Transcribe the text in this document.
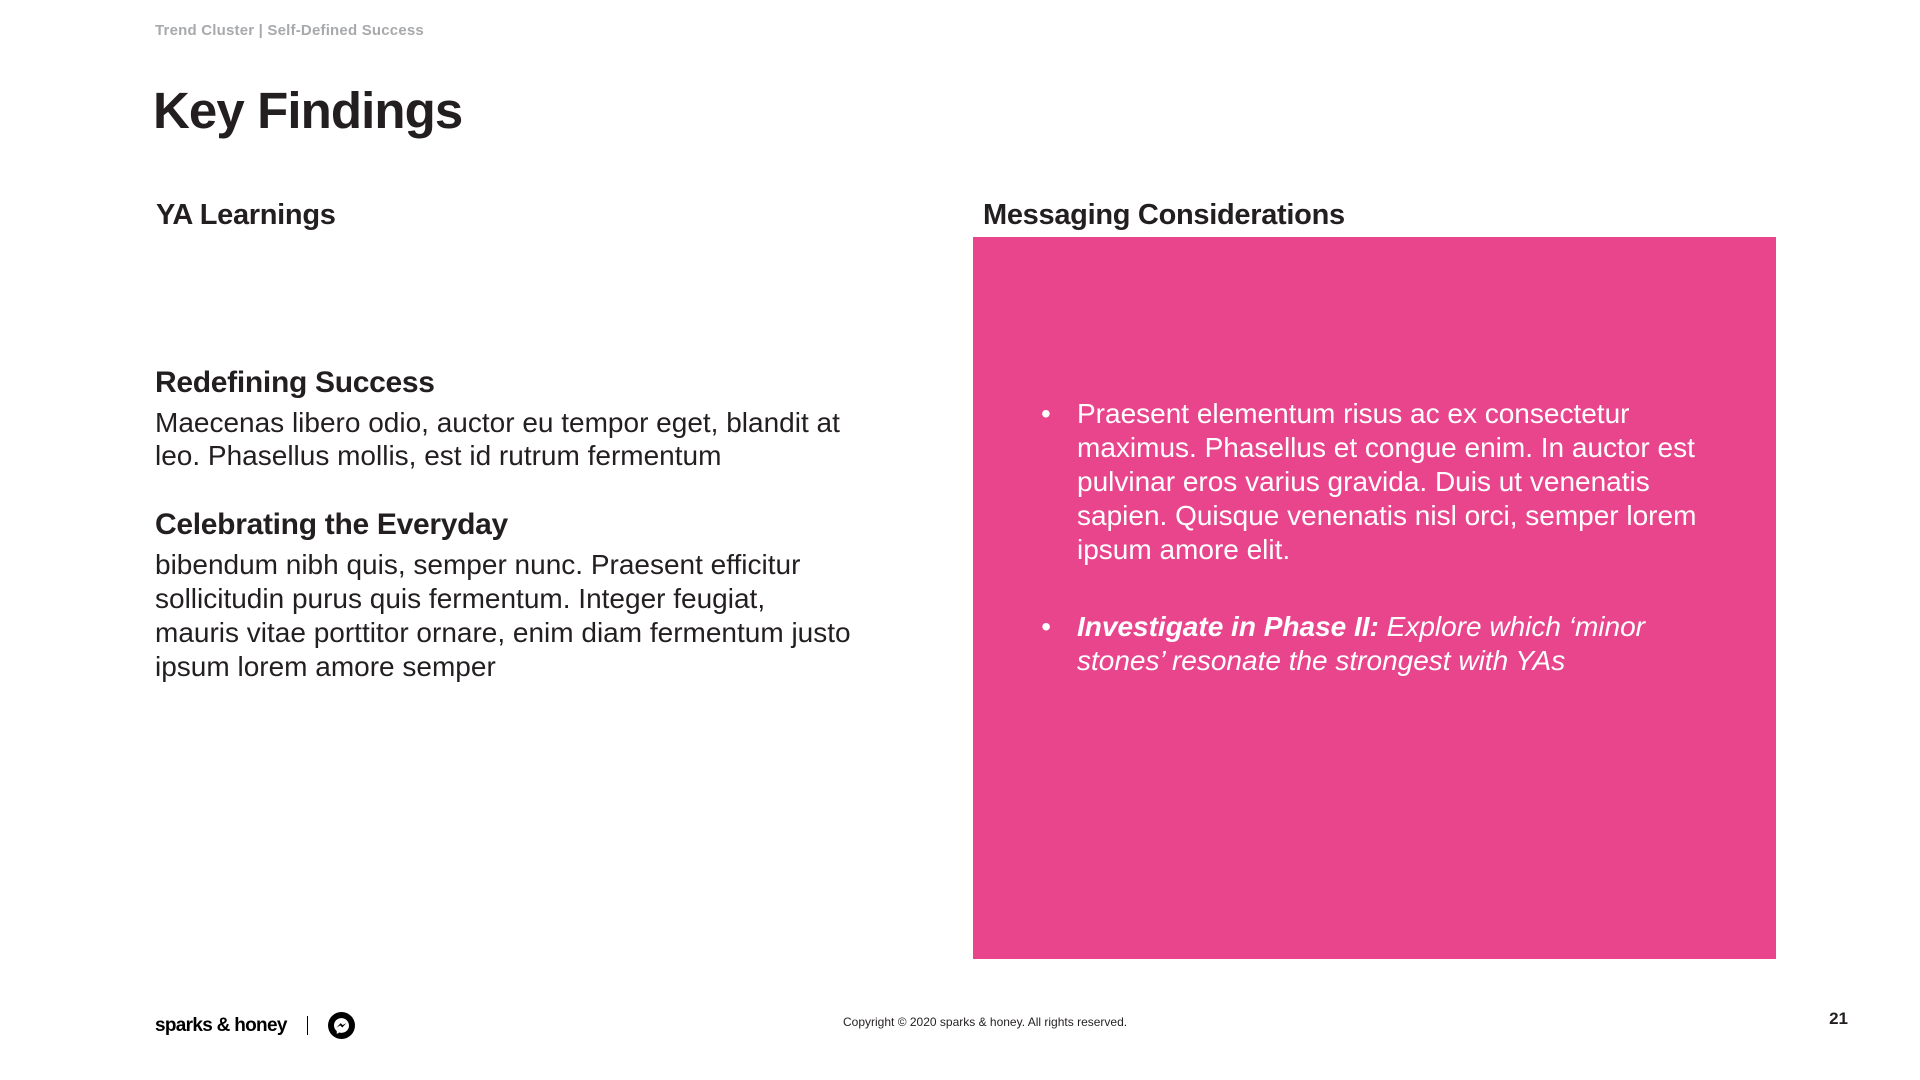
Trend Cluster | Self-Defined Success
Key Findings
YA Learnings
Redefining Success

Maecenas libero odio, auctor eu tempor eget, blandit at leo. Phasellus mollis, est id rutrum fermentum

Celebrating the Everyday

bibendum nibh quis, semper nunc. Praesent efficitur sollicitudin purus quis fermentum. Integer feugiat, mauris vitae porttitor ornare, enim diam fermentum justo ipsum lorem amore semper

Messaging Considerations
• Praesent elementum risus ac ex consectetur maximus. Phasellus et congue enim. In auctor est pulvinar eros varius gravida. Duis ut venenatis sapien. Quisque venenatis nisl orci, semper lorem ipsum amore elit.
• Investigate in Phase II: Explore which ‘minor stones’ resonate the strongest with YAs
sparks & honey	Copyright © 2020 sparks & honey. All rights reserved.	21
